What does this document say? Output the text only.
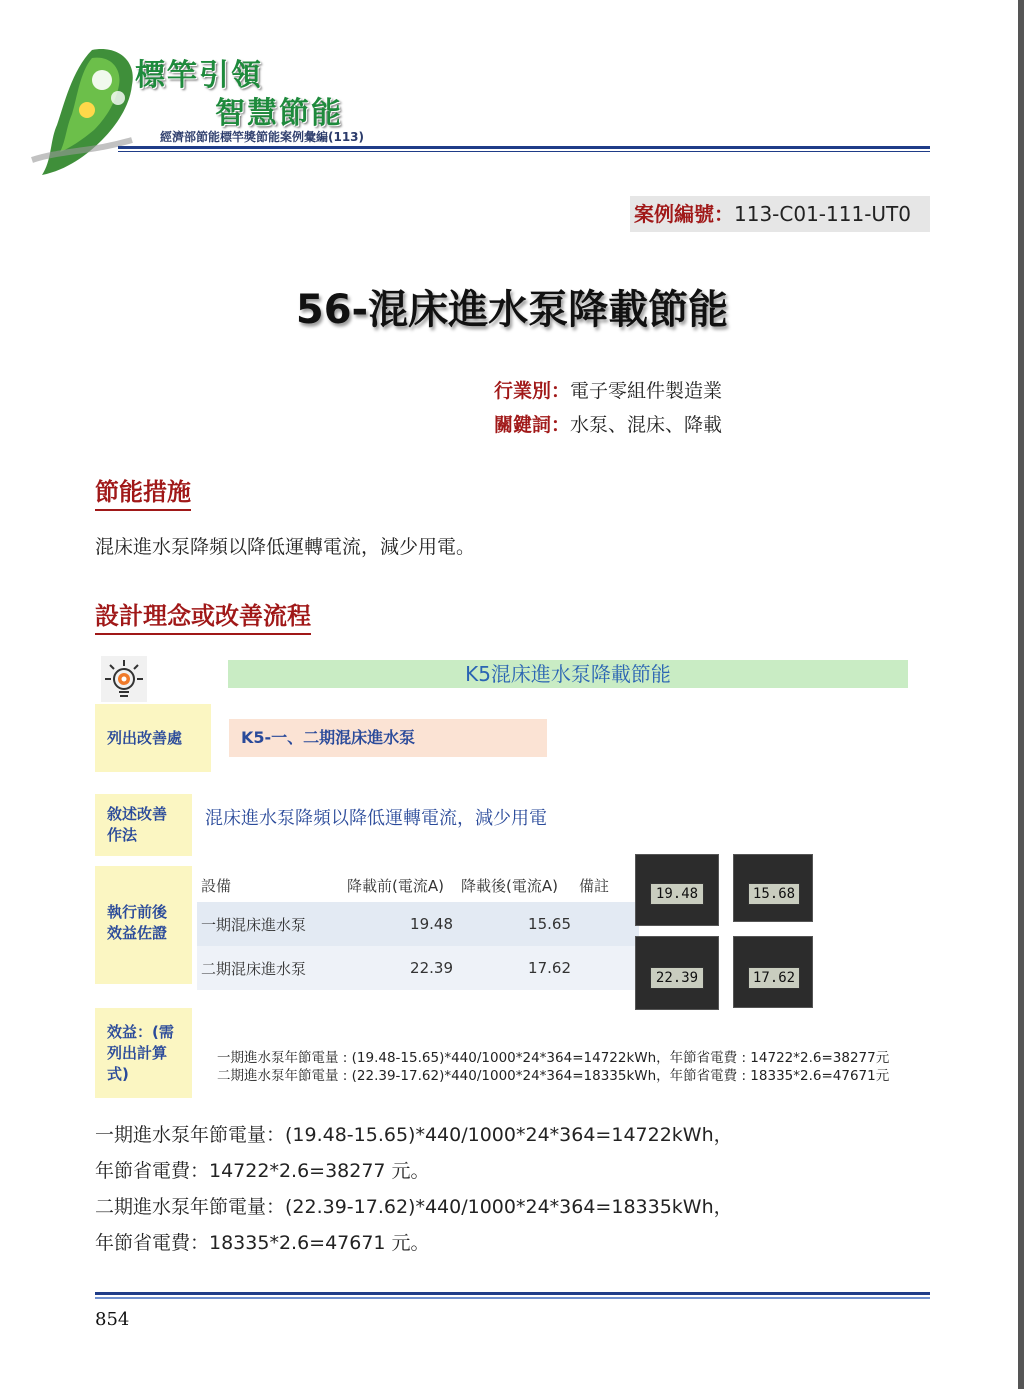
標竿引領
智慧節能
經濟部節能標竿獎節能案例彙編(113)
案例編號：113-C01-111-UT0
56-混床進水泵降載節能
行業別：電子零組件製造業
關鍵詞：水泵、混床、降載
節能措施
混床進水泵降頻以降低運轉電流，減少用電。
設計理念或改善流程
K5混床進水泵降載節能
列出改善處	K5-一、二期混床進水泵
敘述改善作法
混床進水泵降頻以降低運轉電流，減少用電
執行前後效益佐證
設備	降載前(電流A)	降載後(電流A)	備註
一期混床進水泵	19.48	15.65	
二期混床進水泵	22.39	17.62	
19.48	15.68
22.39	17.62
效益：(需列出計算式)
一期進水泵年節電量 : (19.48-15.65)*440/1000*24*364=14722kWh，年節省電費 : 14722*2.6=38277元
二期進水泵年節電量 : (22.39-17.62)*440/1000*24*364=18335kWh，年節省電費 : 18335*2.6=47671元
一期進水泵年節電量：(19.48-15.65)*440/1000*24*364=14722kWh，
年節省電費：14722*2.6=38277 元。
二期進水泵年節電量：(22.39-17.62)*440/1000*24*364=18335kWh，
年節省電費：18335*2.6=47671 元。
854
